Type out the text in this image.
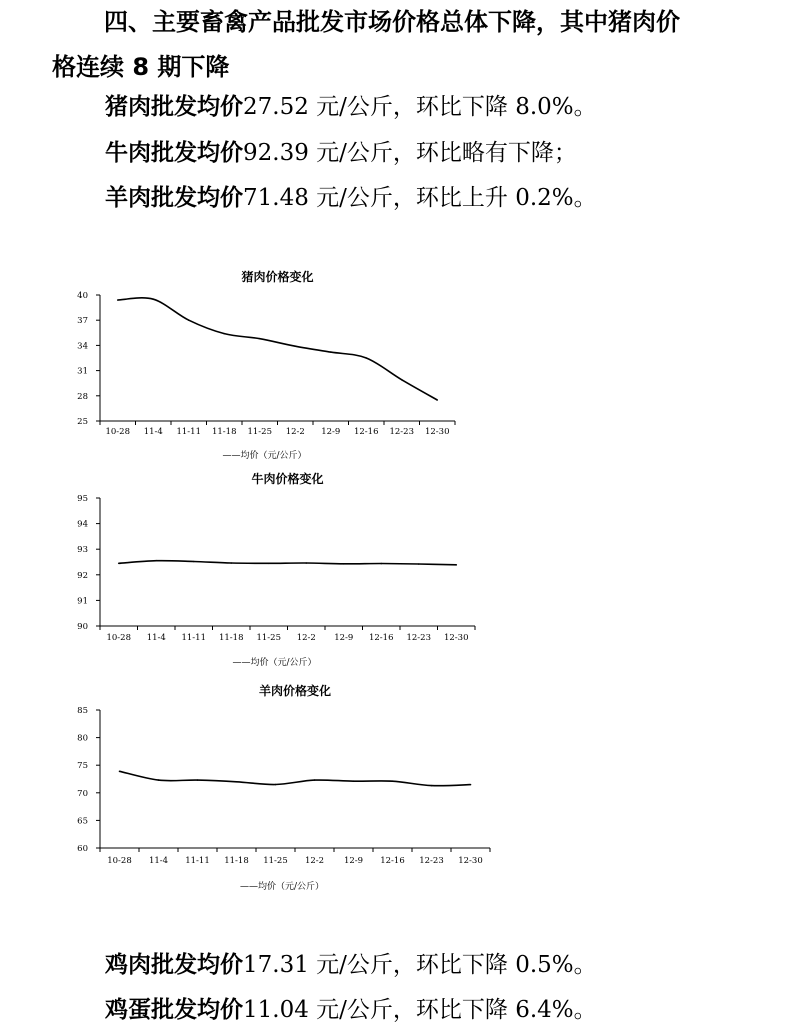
四、主要畜禽产品批发市场价格总体下降，其中猪肉价
格连续 8 期下降
猪肉批发均价27.52 元/公斤，环比下降 8.0%。
牛肉批发均价92.39 元/公斤，环比略有下降；
羊肉批发均价71.48 元/公斤，环比上升 0.2%。
猪肉价格变化
25
28
31
34
37
40
10-28 11-4 11-11 11-18 11-25 12-2 12-9 12-16 12-23 12-30
——均价（元/公斤）
牛肉价格变化
90
91
92
93
94
95
10-28 11-4 11-11 11-18 11-25 12-2 12-9 12-16 12-23 12-30
——均价（元/公斤）
羊肉价格变化
60
65
70
75
80
85
10-28 11-4 11-11 11-18 11-25 12-2 12-9 12-16 12-23 12-30
——均价（元/公斤）
鸡肉批发均价17.31 元/公斤，环比下降 0.5%。
鸡蛋批发均价11.04 元/公斤，环比下降 6.4%。
